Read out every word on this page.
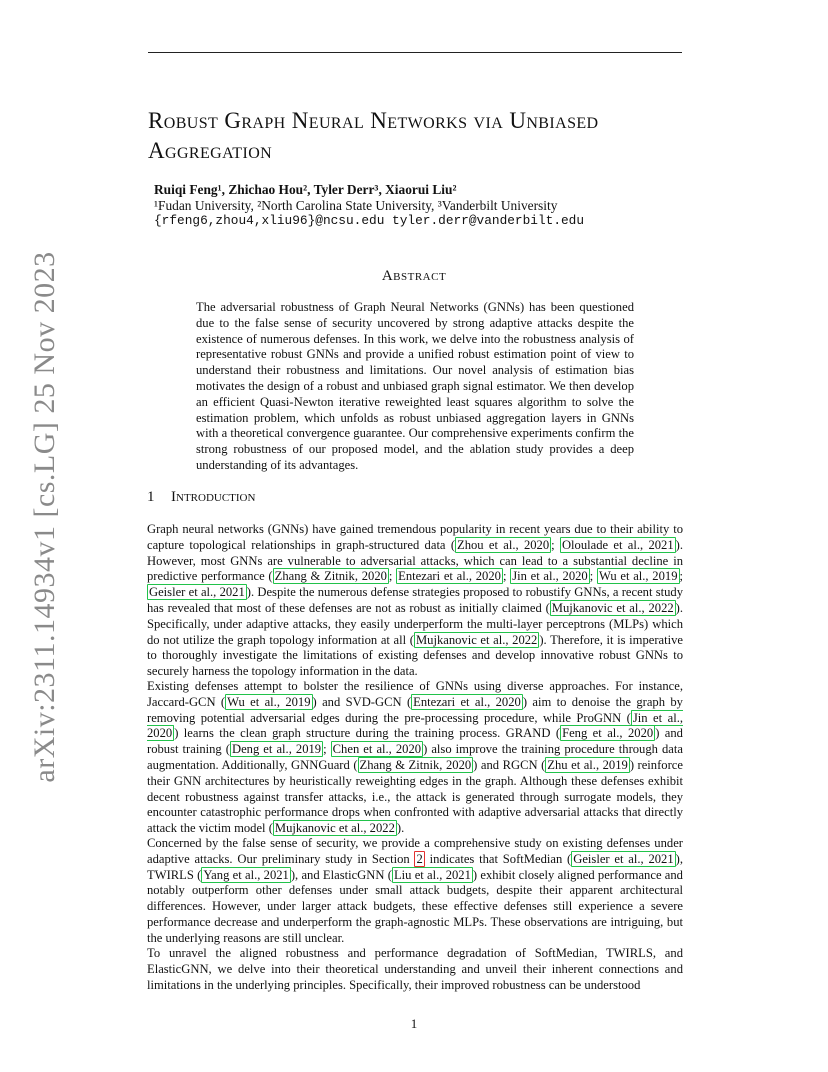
arXiv:2311.14934v1 [cs.LG] 25 Nov 2023
Robust Graph Neural Networks via Unbiased Aggregation
Ruiqi Feng¹, Zhichao Hou², Tyler Derr³, Xiaorui Liu²
¹Fudan University, ²North Carolina State University, ³Vanderbilt University
{rfeng6,zhou4,xliu96}@ncsu.edu tyler.derr@vanderbilt.edu
Abstract

The adversarial robustness of Graph Neural Networks (GNNs) has been questioned due to the false sense of security uncovered by strong adaptive attacks despite the existence of numerous defenses. In this work, we delve into the robustness analysis of representative robust GNNs and provide a unified robust estimation point of view to understand their robustness and limitations. Our novel analysis of estimation bias motivates the design of a robust and unbiased graph signal estimator. We then develop an efficient Quasi-Newton iterative reweighted least squares algorithm to solve the estimation problem, which unfolds as robust unbiased aggregation layers in GNNs with a theoretical convergence guarantee. Our comprehensive experiments confirm the strong robustness of our proposed model, and the ablation study provides a deep understanding of its advantages.

1 Introduction

Graph neural networks (GNNs) have gained tremendous popularity in recent years due to their ability to capture topological relationships in graph-structured data ( Zhou et al., 2020 ; Oloulade et al., 2021 ). However, most GNNs are vulnerable to adversarial attacks, which can lead to a substantial decline in predictive performance ( Zhang & Zitnik, 2020 ; Entezari et al., 2020 ; Jin et al., 2020 ; Wu et al., 2019 ; Geisler et al., 2021 ). Despite the numerous defense strategies proposed to robustify GNNs, a recent study has revealed that most of these defenses are not as robust as initially claimed ( Mujkanovic et al., 2022 ). Specifically, under adaptive attacks, they easily underperform the multi-layer perceptrons (MLPs) which do not utilize the graph topology information at all ( Mujkanovic et al., 2022 ). Therefore, it is imperative to thoroughly investigate the limitations of existing defenses and develop innovative robust GNNs to securely harness the topology information in the data.

Existing defenses attempt to bolster the resilience of GNNs using diverse approaches. For instance, Jaccard-GCN ( Wu et al., 2019 ) and SVD-GCN ( Entezari et al., 2020 ) aim to denoise the graph by removing potential adversarial edges during the pre-processing procedure, while ProGNN ( Jin et al., 2020 ) learns the clean graph structure during the training process. GRAND ( Feng et al., 2020 ) and robust training ( Deng et al., 2019 ; Chen et al., 2020 ) also improve the training procedure through data augmentation. Additionally, GNNGuard ( Zhang & Zitnik, 2020 ) and RGCN ( Zhu et al., 2019 ) reinforce their GNN architectures by heuristically reweighting edges in the graph. Although these defenses exhibit decent robustness against transfer attacks, i.e., the attack is generated through surrogate models, they encounter catastrophic performance drops when confronted with adaptive adversarial attacks that directly attack the victim model ( Mujkanovic et al., 2022 ).

Concerned by the false sense of security, we provide a comprehensive study on existing defenses under adaptive attacks. Our preliminary study in Section 2 indicates that SoftMedian ( Geisler et al., 2021 ), TWIRLS ( Yang et al., 2021 ), and ElasticGNN ( Liu et al., 2021 ) exhibit closely aligned performance and notably outperform other defenses under small attack budgets, despite their apparent architectural differences. However, under larger attack budgets, these effective defenses still experience a severe performance decrease and underperform the graph-agnostic MLPs. These observations are intriguing, but the underlying reasons are still unclear.

To unravel the aligned robustness and performance degradation of SoftMedian, TWIRLS, and ElasticGNN, we delve into their theoretical understanding and unveil their inherent connections and limitations in the underlying principles. Specifically, their improved robustness can be understood

1
